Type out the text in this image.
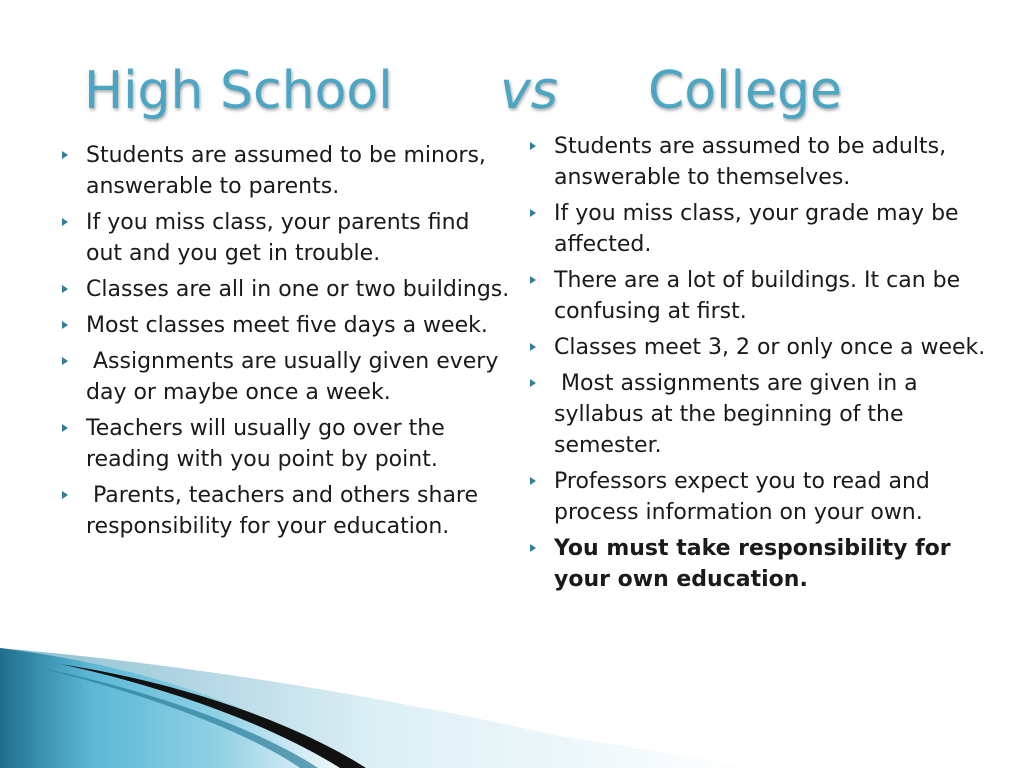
High School vs College
Students are assumed to be minors, answerable to parents.
If you miss class, your parents find out and you get in trouble.
Classes are all in one or two buildings.
Most classes meet five days a week.
Assignments are usually given every day or maybe once a week.
Teachers will usually go over the reading with you point by point.
Parents, teachers and others share responsibility for your education.
Students are assumed to be adults, answerable to themselves.
If you miss class, your grade may be affected.
There are a lot of buildings. It can be confusing at first.
Classes meet 3, 2 or only once a week.
Most assignments are given in a syllabus at the beginning of the semester.
Professors expect you to read and process information on your own.
You must take responsibility for your own education.
